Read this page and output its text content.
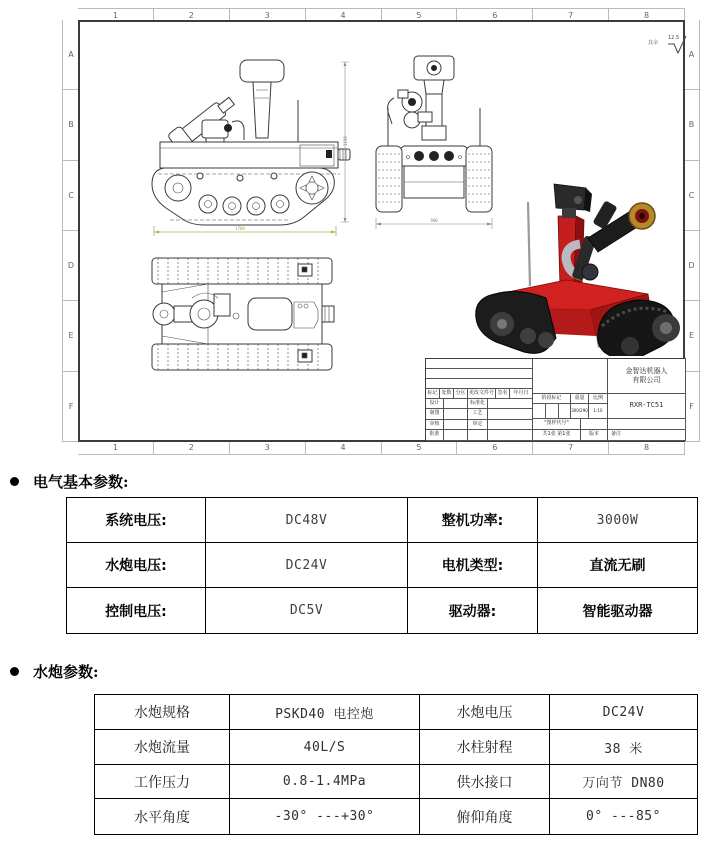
1	2	3	4	5	6	7	8
1	2	3	4	5	6	7	8
A
B
C
D
E
F
A
B
C
D
E
F
其余
12.5
1150
1700
940
标记 处数 分区 更改文件号 签名	年月日
设计	标准化
制图	工艺
审核	审定
批准
阶段标记	重量	比例
300/290	1:10
"图样代号"
共1张 第1张	版本
金智达机器人
有限公司
RXR-TC51
备注
电气基本参数:
系统电压:	DC48V	整机功率:	3000W
水炮电压:	DC24V	电机类型:	直流无刷
控制电压:	DC5V	驱动器:	智能驱动器
水炮参数:
水炮规格	PSKD40 电控炮	水炮电压	DC24V
水炮流量	40L/S	水柱射程	38 米
工作压力	0.8-1.4MPa	供水接口	万向节 DN80
水平角度	-30° ---+30°	俯仰角度	0° ---85°
